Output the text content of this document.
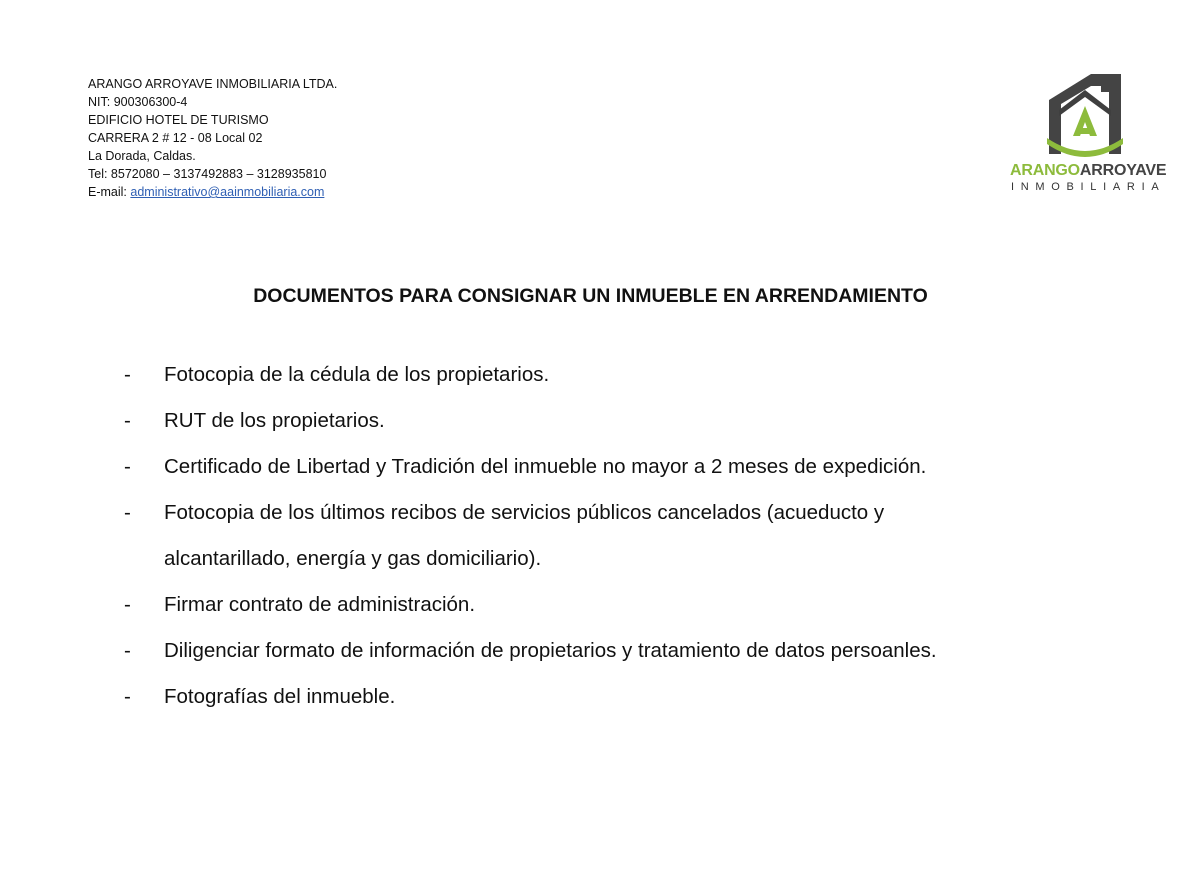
ARANGO ARROYAVE INMOBILIARIA LTDA.
NIT: 900306300-4
EDIFICIO HOTEL DE TURISMO
CARRERA 2 # 12 - 08 Local 02
La Dorada, Caldas.
Tel: 8572080 – 3137492883 – 3128935810
E-mail: administrativo@aainmobiliaria.com
ARANGOARROYAVE
INMOBILIARIA
DOCUMENTOS PARA CONSIGNAR UN INMUEBLE EN ARRENDAMIENTO
-	Fotocopia de la cédula de los propietarios.
-	RUT de los propietarios.
-	Certificado de Libertad y Tradición del inmueble no mayor a 2 meses de expedición.
-	Fotocopia de los últimos recibos de servicios públicos cancelados (acueducto y
alcantarillado, energía y gas domiciliario).
-	Firmar contrato de administración.
-	Diligenciar formato de información de propietarios y tratamiento de datos persoanles.
-	Fotografías del inmueble.
